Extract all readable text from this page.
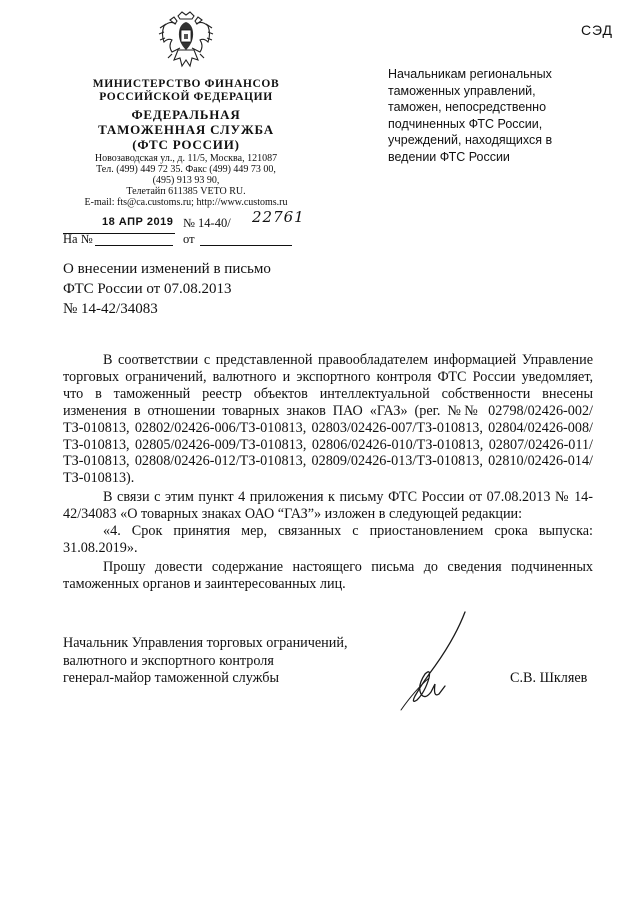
СЭД
МИНИСТЕРСТВО ФИНАНСОВ
РОССИЙСКОЙ ФЕДЕРАЦИИ
ФЕДЕРАЛЬНАЯ
ТАМОЖЕННАЯ СЛУЖБА
(ФТС РОССИИ)
Новозаводская ул., д. 11/5, Москва, 121087
Тел. (499) 449 72 35. Факс (499) 449 73 00,
(495) 913 93 90,
Телетайп 611385 VETO RU.
E-mail: fts@ca.customs.ru; http://www.customs.ru
Начальникам региональных
таможенных управлений,
таможен, непосредственно
подчиненных ФТС России,
учреждений, находящихся в
ведении ФТС России
18 АПР 2019 № 14-40/ 22761
На №	от
О внесении изменений в письмо
ФТС России от 07.08.2013
№ 14-42/34083

В соответствии с представленной правообладателем информацией Управление торговых ограничений, валютного и экспортного контроля ФТС России уведомляет, что в таможенный реестр объектов интеллектуальной собственности внесены изменения в отношении товарных знаков ПАО «ГАЗ» (рег. №№ 02798/02426-002/ТЗ-010813, 02802/02426-006/ТЗ-010813, 02803/02426-007/ТЗ-010813, 02804/02426-008/ТЗ-010813, 02805/02426-009/ТЗ-010813, 02806/02426-010/ТЗ-010813, 02807/02426-011/ТЗ-010813, 02808/02426-012/ТЗ-010813, 02809/02426-013/ТЗ-010813, 02810/02426-014/ТЗ-010813).

В связи с этим пункт 4 приложения к письму ФТС России от 07.08.2013 № 14-42/34083 «О товарных знаках ОАО “ГАЗ”» изложен в следующей редакции:

«4. Срок принятия мер, связанных с приостановлением срока выпуска: 31.08.2019».

Прошу довести содержание настоящего письма до сведения подчиненных таможенных органов и заинтересованных лиц.

Начальник Управления торговых ограничений,
валютного и экспортного контроля
генерал-майор таможенной службы	С.В. Шкляев
